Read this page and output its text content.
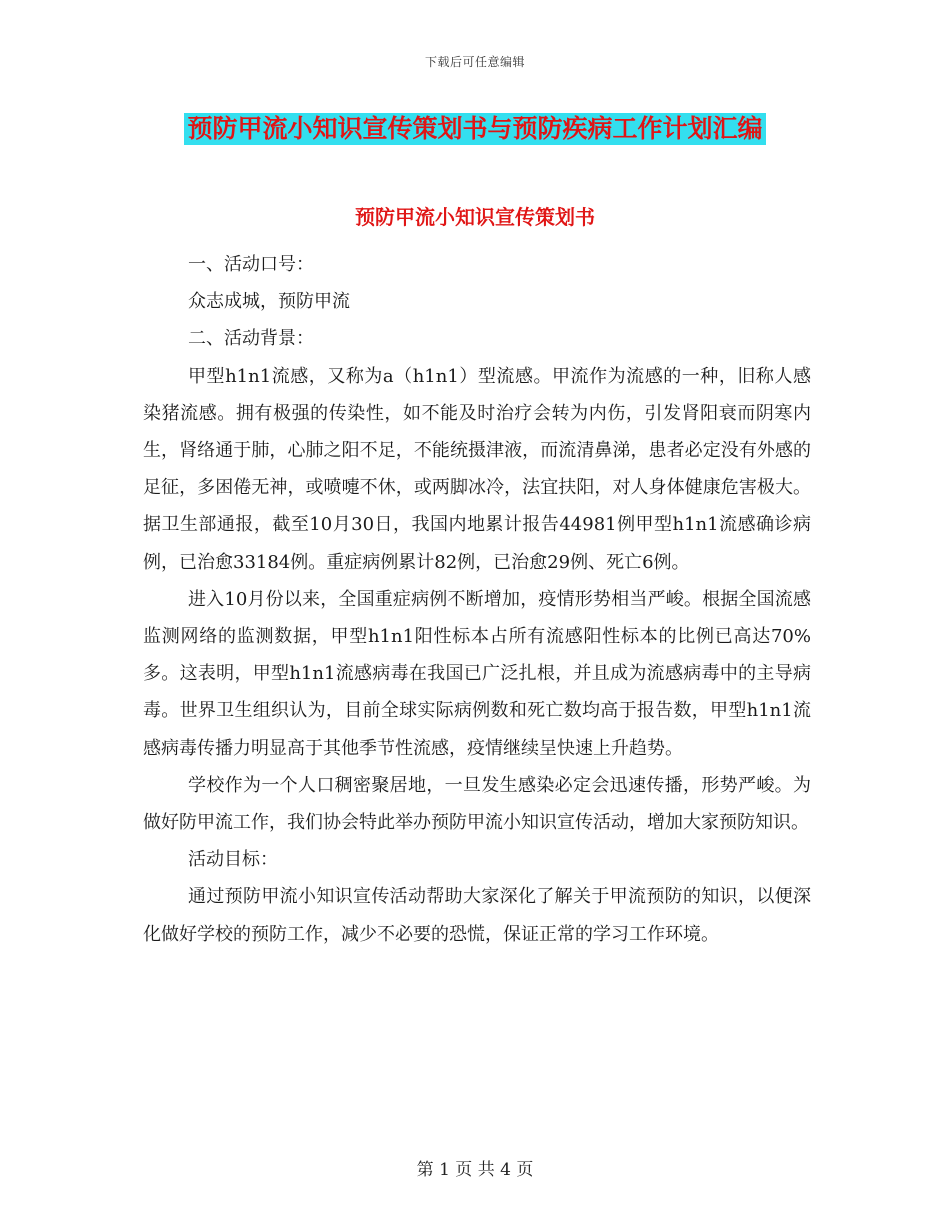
下载后可任意编辑
预防甲流小知识宣传策划书与预防疾病工作计划汇编
预防甲流小知识宣传策划书

一、活动口号：

众志成城，预防甲流

二、活动背景：

甲型h1n1流感，又称为a（h1n1）型流感。甲流作为流感的一种，旧称人感染猪流感。拥有极强的传染性，如不能及时治疗会转为内伤，引发肾阳衰而阴寒内生，肾络通于肺，心肺之阳不足，不能统摄津液，而流清鼻涕，患者必定没有外感的足征，多困倦无神，或喷嚏不休，或两脚冰冷，法宜扶阳，对人身体健康危害极大。据卫生部通报，截至10月30日，我国内地累计报告44981例甲型h1n1流感确诊病例，已治愈33184例。重症病例累计82例，已治愈29例、死亡6例。

进入10月份以来，全国重症病例不断增加，疫情形势相当严峻。根据全国流感监测网络的监测数据，甲型h1n1阳性标本占所有流感阳性标本的比例已高达70%多。这表明，甲型h1n1流感病毒在我国已广泛扎根，并且成为流感病毒中的主导病毒。世界卫生组织认为，目前全球实际病例数和死亡数均高于报告数，甲型h1n1流感病毒传播力明显高于其他季节性流感，疫情继续呈快速上升趋势。

学校作为一个人口稠密聚居地，一旦发生感染必定会迅速传播，形势严峻。为做好防甲流工作，我们协会特此举办预防甲流小知识宣传活动，增加大家预防知识。

活动目标：

通过预防甲流小知识宣传活动帮助大家深化了解关于甲流预防的知识，以便深化做好学校的预防工作，减少不必要的恐慌，保证正常的学习工作环境。

第 1 页 共 4 页
